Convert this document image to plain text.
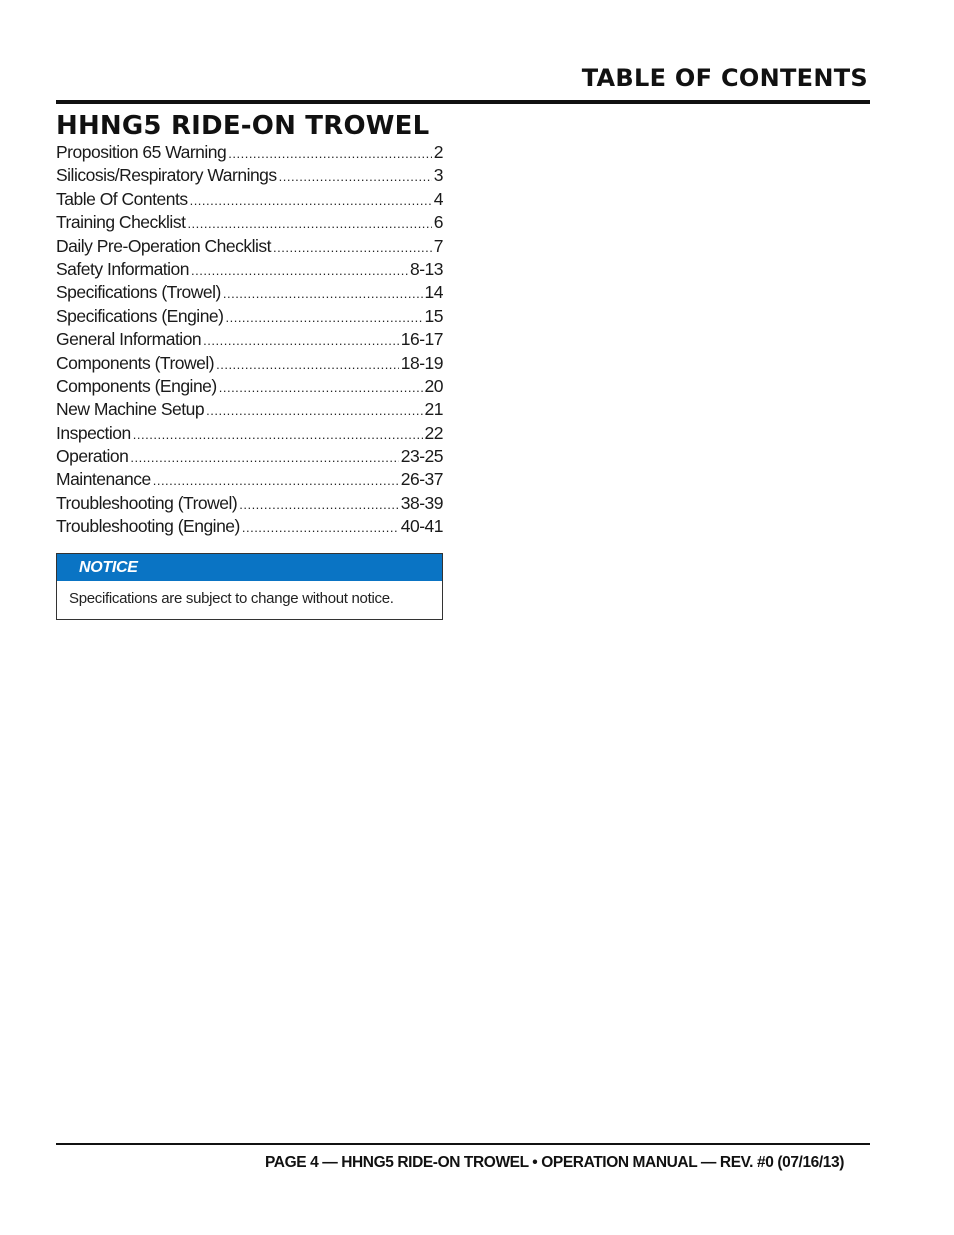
TABLE OF CONTENTS
HHNG5 RIDE-ON TROWEL
Proposition 65 Warning .....	2
Silicosis/Respiratory Warnings .....	3
Table Of Contents .....	4
Training Checklist .....	6
Daily Pre-Operation Checklist .....	7
Safety Information .....	8-13
Specifications (Trowel) .....	14
Specifications (Engine) .....	15
General Information .....	16-17
Components (Trowel) .....	18-19
Components (Engine) .....	20
New Machine Setup .....	21
Inspection .....	22
Operation .....	23-25
Maintenance .....	26-37
Troubleshooting (Trowel) .....	38-39
Troubleshooting (Engine) .....	40-41
NOTICE
Specifications are subject to change without notice.
PAGE 4 — HHNG5 RIDE-ON TROWEL • OPERATION MANUAL — REV. #0 (07/16/13)
